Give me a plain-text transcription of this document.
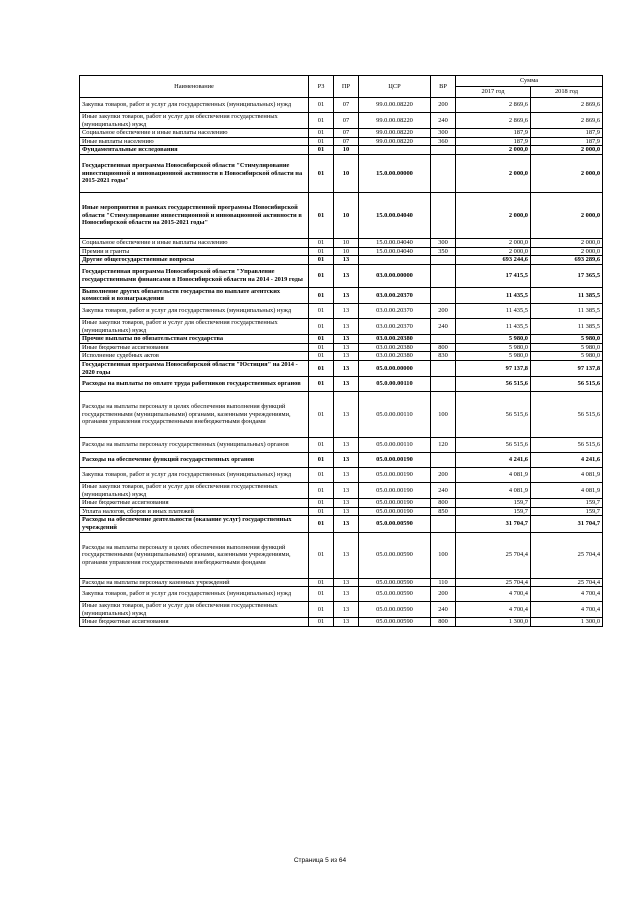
Наименование	РЗ	ПР	ЦСР	ВР	Сумма	
					2017 год	2018 год
Закупка товаров, работ и услуг для государственных (муниципальных) нужд	01	07	99.0.00.08220	200	2 869,6	2 869,6
Иные закупки товаров, работ и услуг для обеспечения государственных (муниципальных) нужд	01	07	99.0.00.08220	240	2 869,6	2 869,6
Социальное обеспечение и иные выплаты населению	01	07	99.0.00.08220	300	187,9	187,9
Иные выплаты населению	01	07	99.0.00.08220	360	187,9	187,9
Фундаментальные исследования	01	10			2 000,0	2 000,0
Государственная программа Новосибирской области "Стимулирование инвестиционной и инновационной активности в Новосибирской области на 2015-2021 годы"	01	10	15.0.00.00000		2 000,0	2 000,0
Иные мероприятия в рамках государственной программы Новосибирской области "Стимулирование инвестиционной и инновационной активности в Новосибирской области на 2015-2021 годы"	01	10	15.0.00.04040		2 000,0	2 000,0
Социальное обеспечение и иные выплаты населению	01	10	15.0.00.04040	300	2 000,0	2 000,0
Премии и гранты	01	10	15.0.00.04040	350	2 000,0	2 000,0
Другие общегосударственные вопросы	01	13			693 244,6	693 289,6
Государственная программа Новосибирской области "Управление государственными финансами в Новосибирской области на 2014 - 2019 годы	01	13	03.0.00.00000		17 415,5	17 365,5
Выполнение других обязательств государства по выплате агентских комиссий и вознаграждения	01	13	03.0.00.20370		11 435,5	11 385,5
Закупка товаров, работ и услуг для государственных (муниципальных) нужд	01	13	03.0.00.20370	200	11 435,5	11 385,5
Иные закупки товаров, работ и услуг для обеспечения государственных (муниципальных) нужд	01	13	03.0.00.20370	240	11 435,5	11 385,5
Прочие выплаты по обязательствам государства	01	13	03.0.00.20380		5 980,0	5 980,0
Иные бюджетные ассигнования	01	13	03.0.00.20380	800	5 980,0	5 980,0
Исполнение судебных актов	01	13	03.0.00.20380	830	5 980,0	5 980,0
Государственная программа Новосибирской области "Юстиция" на 2014 - 2020 годы	01	13	05.0.00.00000		97 137,8	97 137,8
Расходы на выплаты по оплате труда работников государственных органов	01	13	05.0.00.00110		56 515,6	56 515,6
Расходы на выплаты персоналу в целях обеспечения выполнения функций государственными (муниципальными) органами, казенными учреждениями, органами управления государственными внебюджетными фондами	01	13	05.0.00.00110	100	56 515,6	56 515,6
Расходы на выплаты персоналу государственных (муниципальных) органов	01	13	05.0.00.00110	120	56 515,6	56 515,6
Расходы на обеспечение функций государственных органов	01	13	05.0.00.00190		4 241,6	4 241,6
Закупка товаров, работ и услуг для государственных (муниципальных) нужд	01	13	05.0.00.00190	200	4 081,9	4 081,9
Иные закупки товаров, работ и услуг для обеспечения государственных (муниципальных) нужд	01	13	05.0.00.00190	240	4 081,9	4 081,9
Иные бюджетные ассигнования	01	13	05.0.00.00190	800	159,7	159,7
Уплата налогов, сборов и иных платежей	01	13	05.0.00.00190	850	159,7	159,7
Расходы на обеспечение деятельности (оказание услуг) государственных учреждений	01	13	05.0.00.00590		31 704,7	31 704,7
Расходы на выплаты персоналу в целях обеспечения выполнения функций государственными (муниципальными) органами, казенными учреждениями, органами управления государственными внебюджетными фондами	01	13	05.0.00.00590	100	25 704,4	25 704,4
Расходы на выплаты персоналу казенных учреждений	01	13	05.0.00.00590	110	25 704,4	25 704,4
Закупка товаров, работ и услуг для государственных (муниципальных) нужд	01	13	05.0.00.00590	200	4 700,4	4 700,4
Иные закупки товаров, работ и услуг для обеспечения государственных (муниципальных) нужд	01	13	05.0.00.00590	240	4 700,4	4 700,4
Иные бюджетные ассигнования	01	13	05.0.00.00590	800	1 300,0	1 300,0
Страница 5 из 64
